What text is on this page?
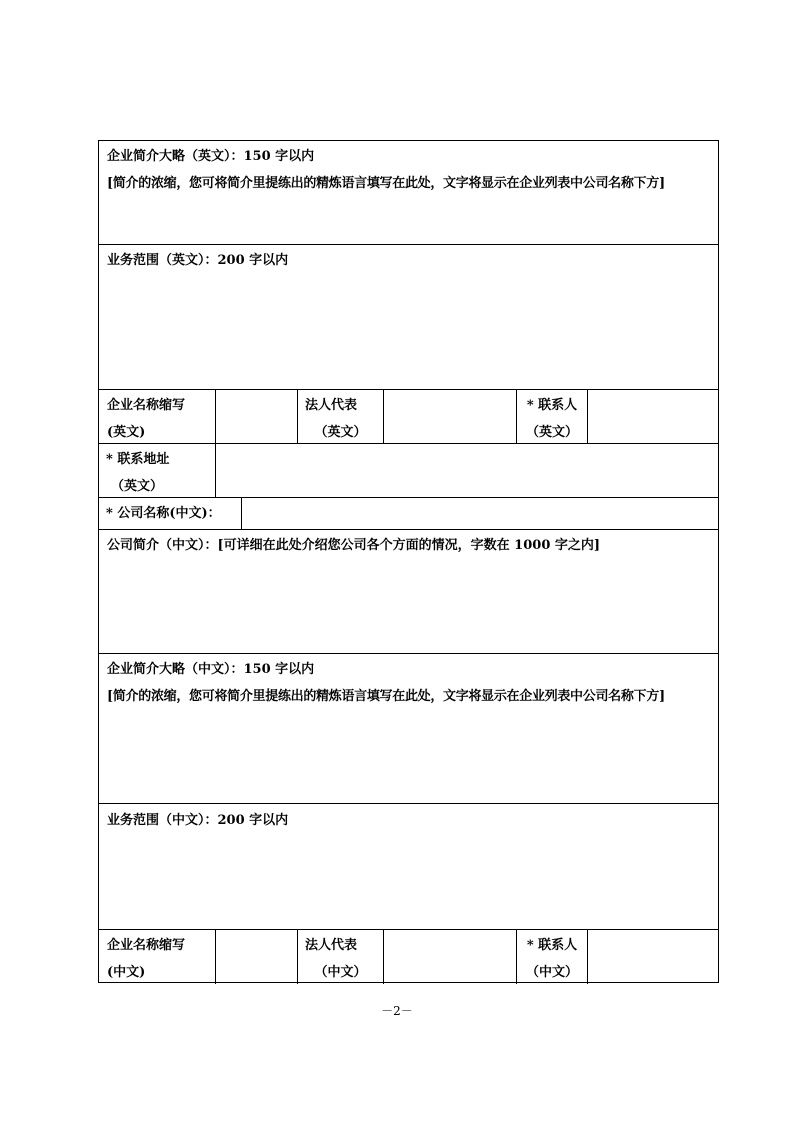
企业简介大略（英文）：150 字以内
[简介的浓缩，您可将简介里提练出的精炼语言填写在此处，文字将显示在企业列表中公司名称下方]
业务范围（英文）：200 字以内
企业名称缩写
(英文)
法人代表
（英文）
* 联系人
（英文）
* 联系地址
（英文）
* 公司名称(中文)：
公司简介（中文）：[可详细在此处介绍您公司各个方面的情况，字数在 1000 字之内]
企业简介大略（中文）：150 字以内
[简介的浓缩，您可将简介里提练出的精炼语言填写在此处，文字将显示在企业列表中公司名称下方]
业务范围（中文）：200 字以内
企业名称缩写
(中文)
法人代表
（中文）
* 联系人
（中文）
－2－
